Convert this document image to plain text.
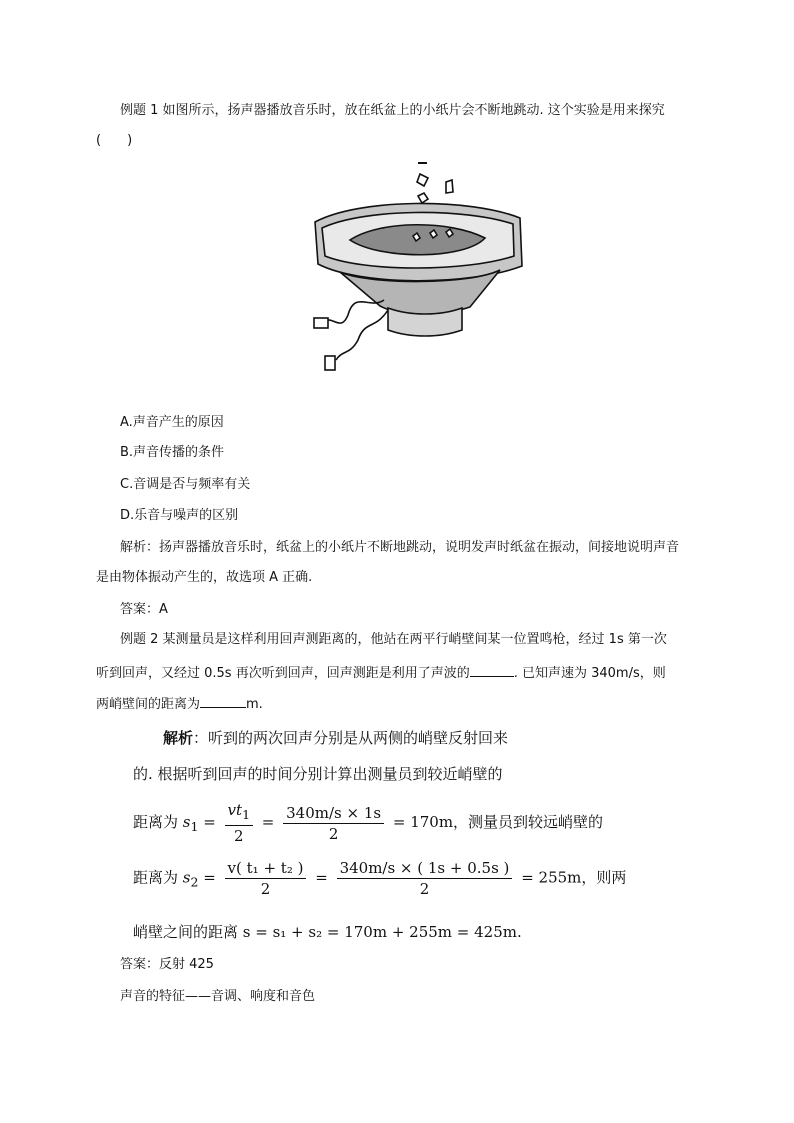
例题 1 如图所示，扬声器播放音乐时，放在纸盆上的小纸片会不断地跳动. 这个实验是用来探究
(　　)
A.声音产生的原因
B.声音传播的条件
C.音调是否与频率有关
D.乐音与噪声的区别
解析：扬声器播放音乐时，纸盆上的小纸片不断地跳动，说明发声时纸盆在振动，间接地说明声音
是由物体振动产生的，故选项 A 正确.
答案：A
例题 2 某测量员是这样利用回声测距离的，他站在两平行峭壁间某一位置鸣枪，经过 1s 第一次
听到回声，又经过 0.5s 再次听到回声，回声测距是利用了声波的	. 已知声速为 340m/s，则
两峭壁间的距离为	m.
解析：听到的两次回声分别是从两侧的峭壁反射回来
的. 根据听到回声的时间分别计算出测量员到较近峭壁的
距离为 $s_1 = \frac{vt_1}{2} = \frac{340m/s \times 1s}{2} = 170m$，测量员到较远峭壁的
距离为 $s_2 = \frac{\text{v( t₁ + t₂ )}}{2} = \frac{340m/s \times ( 1s + 0.5s )}{2} = 255m$，则两
峭壁之间的距离 s = s₁ + s₂ = 170m + 255m = 425m.
答案：反射 425
声音的特征——音调、响度和音色
